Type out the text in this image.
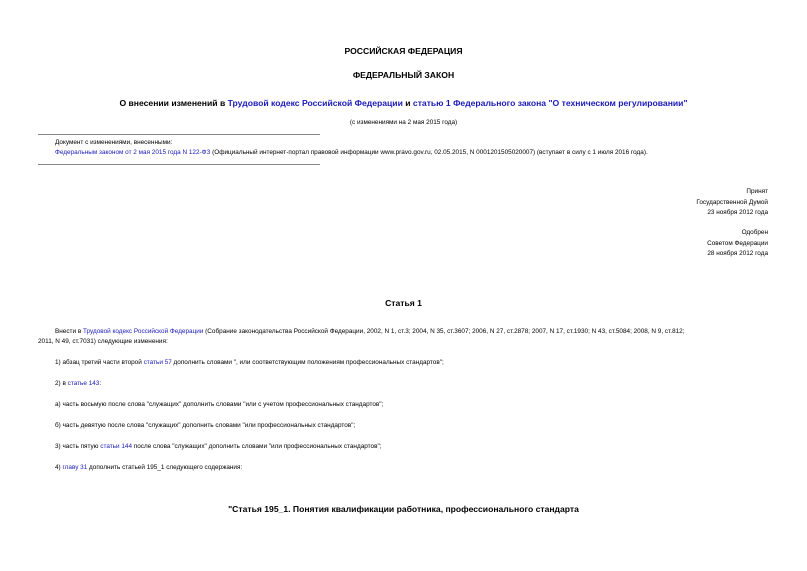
РОССИЙСКАЯ ФЕДЕРАЦИЯ
ФЕДЕРАЛЬНЫЙ ЗАКОН
О внесении изменений в Трудовой кодекс Российской Федерации и статью 1 Федерального закона "О техническом регулировании"
(с изменениями на 2 мая 2015 года)
Документ с изменениями, внесенными:
Федеральным законом от 2 мая 2015 года N 122-ФЗ (Официальный интернет-портал правовой информации www.pravo.gov.ru, 02.05.2015, N 0001201505020007) (вступает в силу с 1 июля 2016 года).
Принят
Государственной Думой
23 ноября 2012 года
Одобрен
Советом Федерации
28 ноября 2012 года
Статья 1
Внести в Трудовой кодекс Российской Федерации (Собрание законодательства Российской Федерации, 2002, N 1, ст.3; 2004, N 35, ст.3607; 2006, N 27, ст.2878; 2007, N 17, ст.1930; N 43, ст.5084; 2008, N 9, ст.812;
2011, N 49, ст.7031) следующие изменения:
1) абзац третий части второй статьи 57 дополнить словами ", или соответствующим положениям профессиональных стандартов";
2) в статье 143:
а) часть восьмую после слова "служащих" дополнить словами "или с учетом профессиональных стандартов";
б) часть девятую после слова "служащих" дополнить словами "или профессиональных стандартов";
3) часть пятую статьи 144 после слова "служащих" дополнить словами "или профессиональных стандартов";
4) главу 31 дополнить статьей 195_1 следующего содержания:
"Статья 195_1. Понятия квалификации работника, профессионального стандарта
